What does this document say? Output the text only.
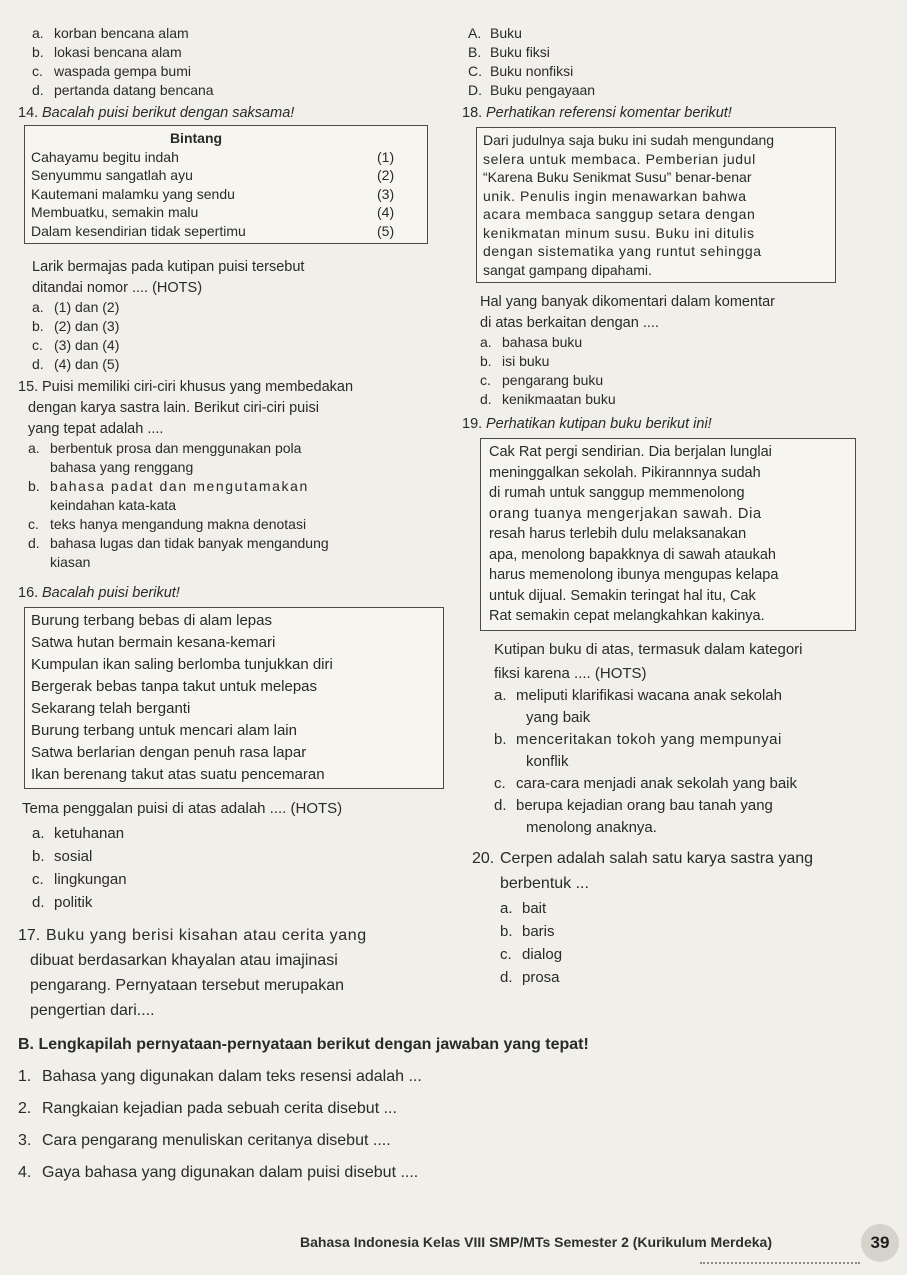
a. korban bencana alam
b. lokasi bencana alam
c. waspada gempa bumi
d. pertanda datang bencana
14. Bacalah puisi berikut dengan saksama!

Bintang

Cahayamu begitu indah	(1)
Senyummu sangatlah ayu	(2)
Kautemani malamku yang sendu	(3)
Membuatku, semakin malu	(4)
Dalam kesendirian tidak sepertimu	(5)

Larik bermajas pada kutipan puisi tersebut

ditandai nomor .... (HOTS)

a. (1) dan (2)
b. (2) dan (3)
c. (3) dan (4)
d. (4) dan (5)
15. Puisi memiliki ciri-ciri khusus yang membedakan

dengan karya sastra lain. Berikut ciri-ciri puisi

yang tepat adalah ....

a. berbentuk prosa dan menggunakan pola
bahasa yang renggang
b. bahasa padat dan mengutamakan
keindahan kata-kata
c. teks hanya mengandung makna denotasi
d. bahasa lugas dan tidak banyak mengandung
kiasan
16. Bacalah puisi berikut!

Burung terbang bebas di alam lepas

Satwa hutan bermain kesana-kemari

Kumpulan ikan saling berlomba tunjukkan diri

Bergerak bebas tanpa takut untuk melepas

Sekarang telah berganti

Burung terbang untuk mencari alam lain

Satwa berlarian dengan penuh rasa lapar

Ikan berenang takut atas suatu pencemaran

Tema penggalan puisi di atas adalah .... (HOTS)

a. ketuhanan
b. sosial
c. lingkungan
d. politik
17. Buku yang berisi kisahan atau cerita yang

dibuat berdasarkan khayalan atau imajinasi

pengarang. Pernyataan tersebut merupakan

pengertian dari....

A. Buku
B. Buku fiksi
C. Buku nonfiksi
D. Buku pengayaan
18. Perhatikan referensi komentar berikut!

Dari judulnya saja buku ini sudah mengundang

selera untuk membaca. Pemberian judul

“Karena Buku Senikmat Susu” benar-benar

unik. Penulis ingin menawarkan bahwa

acara membaca sanggup setara dengan

kenikmatan minum susu. Buku ini ditulis

dengan sistematika yang runtut sehingga

sangat gampang dipahami.

Hal yang banyak dikomentari dalam komentar

di atas berkaitan dengan ....

a. bahasa buku
b. isi buku
c. pengarang buku
d. kenikmaatan buku
19. Perhatikan kutipan buku berikut ini!

Cak Rat pergi sendirian. Dia berjalan lunglai

meninggalkan sekolah. Pikirannnya sudah

di rumah untuk sanggup memmenolong

orang tuanya mengerjakan sawah. Dia

resah harus terlebih dulu melaksanakan

apa, menolong bapakknya di sawah ataukah

harus memenolong ibunya mengupas kelapa

untuk dijual. Semakin teringat hal itu, Cak

Rat semakin cepat melangkahkan kakinya.

Kutipan buku di atas, termasuk dalam kategori

fiksi karena .... (HOTS)

a. meliputi klarifikasi wacana anak sekolah
yang baik
b. menceritakan tokoh yang mempunyai
konflik
c. cara-cara menjadi anak sekolah yang baik
d. berupa kejadian orang bau tanah yang
menolong anaknya.
20. Cerpen adalah salah satu karya sastra yang

berbentuk ...

a. bait
b. baris
c. dialog
d. prosa

B. Lengkapilah pernyataan-pernyataan berikut dengan jawaban yang tepat!

1. Bahasa yang digunakan dalam teks resensi adalah ...
2. Rangkaian kejadian pada sebuah cerita disebut ...
3. Cara pengarang menuliskan ceritanya disebut ....
4. Gaya bahasa yang digunakan dalam puisi disebut ....
Bahasa Indonesia Kelas VIII SMP/MTs Semester 2 (Kurikulum Merdeka)	39
